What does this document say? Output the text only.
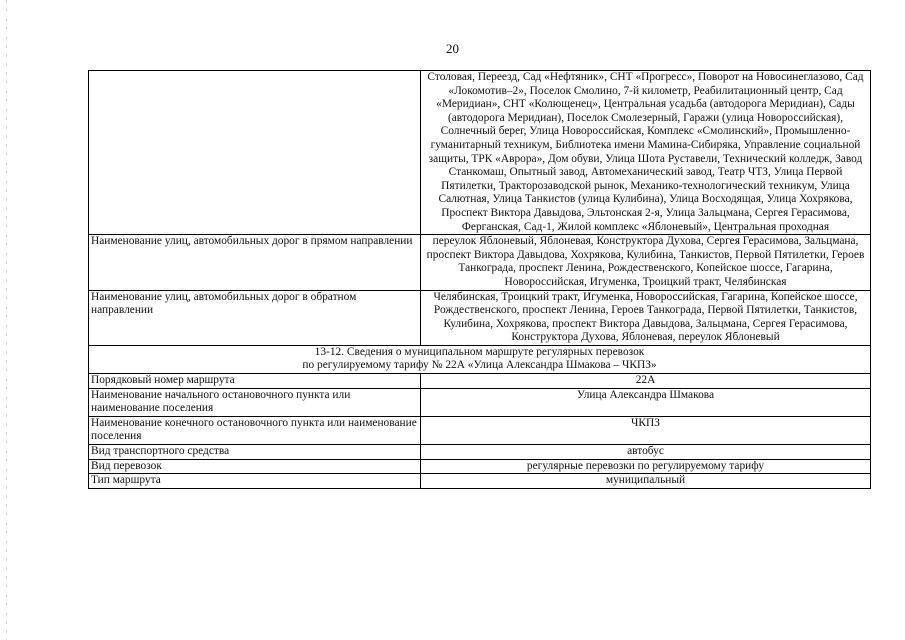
20
	Столовая, Переезд, Сад «Нефтяник», СНТ «Прогресс», Поворот на Новосинеглазово, Сад «Локомотив–2», Поселок Смолино, 7-й километр, Реабилитационный центр, Сад «Меридиан», СНТ «Колющенец», Центральная усадьба (автодорога Меридиан), Сады (автодорога Меридиан), Поселок Смолезерный, Гаражи (улица Новороссийская), Солнечный берег, Улица Новороссийская, Комплекс «Смолинский», Промышленно-гуманитарный техникум, Библиотека имени Мамина-Сибиряка, Управление социальной защиты, ТРК «Аврора», Дом обуви, Улица Шота Руставели, Технический колледж, Завод Станкомаш, Опытный завод, Автомеханический завод, Театр ЧТЗ, Улица Первой Пятилетки, Тракторозаводской рынок, Механико-технологический техникум, Улица Салютная, Улица Танкистов (улица Кулибина), Улица Восходящая, Улица Хохрякова, Проспект Виктора Давыдова, Эльтонская 2-я, Улица Зальцмана, Сергея Герасимова, Ферганская, Сад-1, Жилой комплекс «Яблоневый», Центральная проходная
Наименование улиц, автомобильных дорог в прямом направлении	переулок Яблоневый, Яблоневая, Конструктора Духова, Сергея Герасимова, Зальцмана, проспект Виктора Давыдова, Хохрякова, Кулибина, Танкистов, Первой Пятилетки, Героев Танкограда, проспект Ленина, Рождественского, Копейское шоссе, Гагарина, Новороссийская, Игуменка, Троицкий тракт, Челябинская
Наименование улиц, автомобильных дорог в обратном направлении	Челябинская, Троицкий тракт, Игуменка, Новороссийская, Гагарина, Копейское шоссе, Рождественского, проспект Ленина, Героев Танкограда, Первой Пятилетки, Танкистов, Кулибина, Хохрякова, проспект Виктора Давыдова, Зальцмана, Сергея Герасимова, Конструктора Духова, Яблоневая, переулок Яблоневый

13-12. Сведения о муниципальном маршруте регулярных перевозок
по регулируемому тарифу № 22А «Улица Александра Шмакова – ЧКПЗ»	

Порядковый номер маршрута	22А
Наименование начального остановочного пункта или наименование поселения	Улица Александра Шмакова
Наименование конечного остановочного пункта или наименование поселения	ЧКПЗ
Вид транспортного средства	автобус
Вид перевозок	регулярные перевозки по регулируемому тарифу
Тип маршрута	муниципальный
